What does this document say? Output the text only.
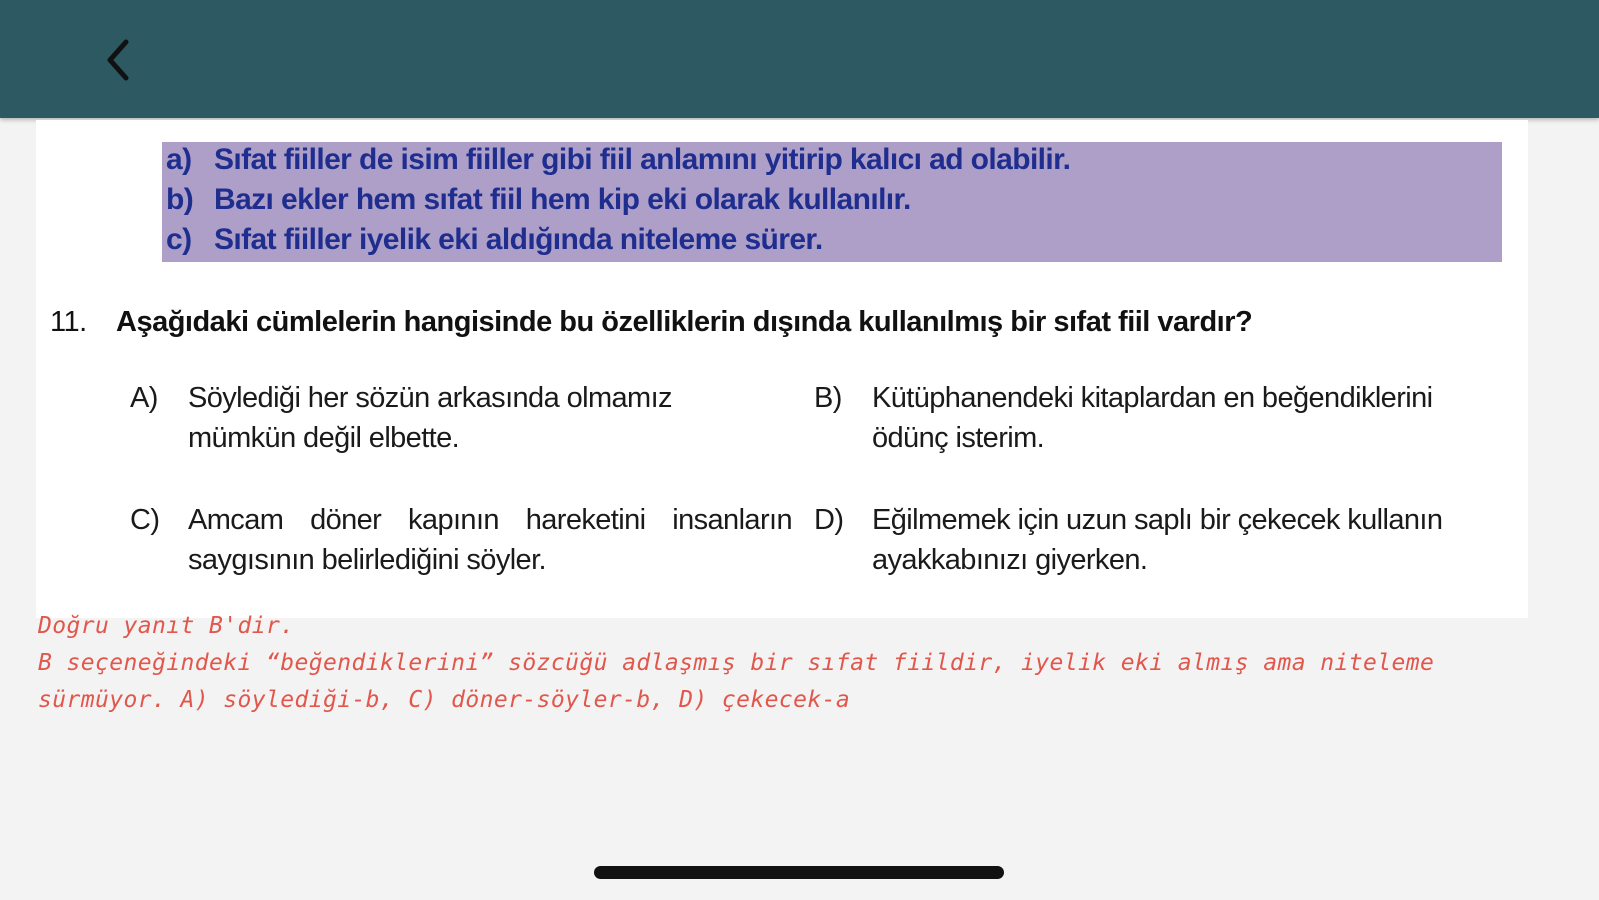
a) Sıfat fiiller de isim fiiller gibi fiil anlamını yitirip kalıcı ad olabilir.
b) Bazı ekler hem sıfat fiil hem kip eki olarak kullanılır.
c) Sıfat fiiller iyelik eki aldığında niteleme sürer.
11. Aşağıdaki cümlelerin hangisinde bu özelliklerin dışında kullanılmış bir sıfat fiil vardır?
A) Söylediği her sözün arkasında olmamız mümkün değil elbette.
B) Kütüphanendeki kitaplardan en beğendiklerini ödünç isterim.
C) Amcam döner kapının hareketini insanların saygısının belirlediğini söyler.
D) Eğilmemek için uzun saplı bir çekecek kullanın ayakkabınızı giyerken.
Doğru yanıt B'dir.
B seçeneğindeki “beğendiklerini” sözcüğü adlaşmış bir sıfat fiildir, iyelik eki almış ama niteleme
sürmüyor. A) söylediği-b, C) döner-söyler-b, D) çekecek-a
